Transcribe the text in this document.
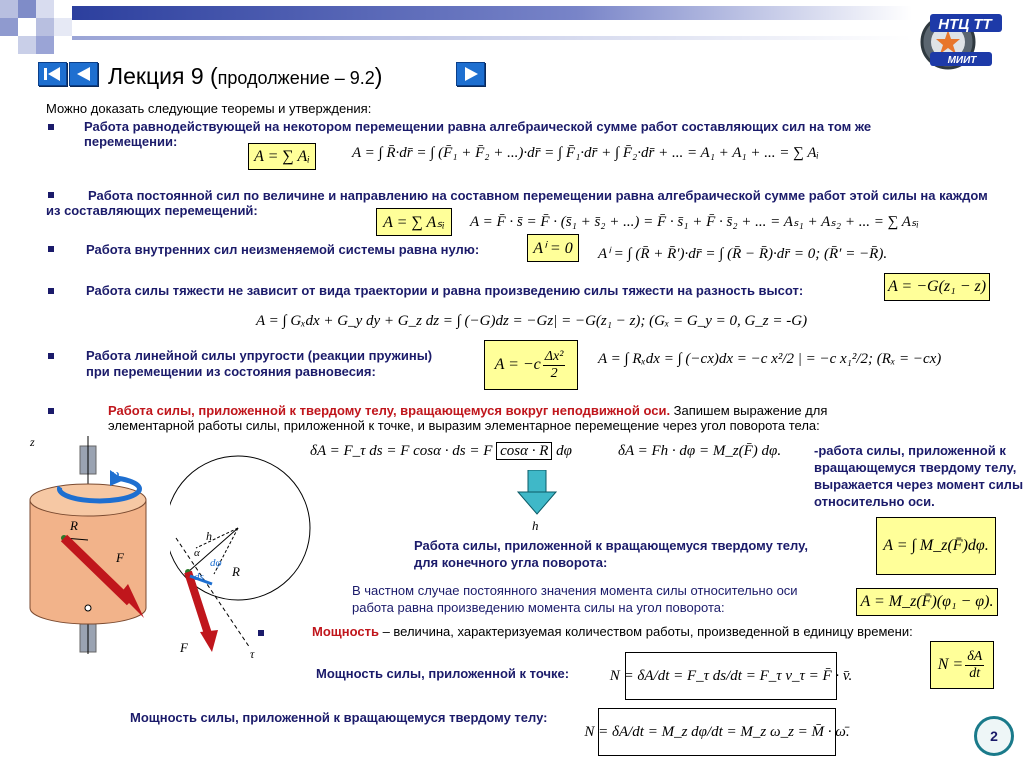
НТЦ ТТ
МИИТ
Лекция 9 (продолжение – 9.2)
Можно доказать следующие теоремы и утверждения:
Работа равнодействующей на некотором перемещении равна алгебраической сумме работ составляющих сил на том же перемещении:
A = ∑ Aᵢ	A = ∫ R̄·dr̄ = ∫ (F̄₁ + F̄₂ + ...)·dr̄ = ∫ F̄₁·dr̄ + ∫ F̄₂·dr̄ + ... = A₁ + A₁ + ... = ∑ Aᵢ
Работа постоянной сил по величине и направлению на составном перемещении равна алгебраической сумме работ этой силы на каждом из составляющих перемещений:
A = ∑ Aₛᵢ	A = F̄ · s̄ = F̄ · (s̄₁ + s̄₂ + ...) = F̄ · s̄₁ + F̄ · s̄₂ + ... = Aₛ₁ + Aₛ₂ + ... = ∑ Aₛᵢ
Работа внутренних сил неизменяемой системы равна нулю:	Aⁱ = 0	Aⁱ = ∫ (R̄ + R̄′)·dr̄ = ∫ (R̄ − R̄)·dr̄ = 0; (R̄′ = −R̄).
Работа силы тяжести не зависит от вида траектории и равна произведению силы тяжести на разность высот:	A = −G(z₁ − z)
A = ∫ Gₓdx + G_y dy + G_z dz = ∫ (−G)dz = −Gz| = −G(z₁ − z); (Gₓ = G_y = 0, G_z = -G)
Работа линейной силы упругости (реакции пружины)
при перемещении из состояния равновесия:	$A = -c \frac{\text{Δx²}}{2}$ A = ∫ Rₓdx = ∫ (−cx)dx = −c x²/2 | = −c x₁²/2; (Rₓ = −cx)
Работа силы, приложенной к твердому телу, вращающемуся вокруг неподвижной оси. Запишем выражение для
элементарной работы силы, приложенной к точке, и выразим элементарное перемещение через угол поворота тела:
δA = F_τ ds = F cosα · ds = F cosα · R dφ	δA = Fh · dφ = M_z(F̄) dφ.
h
-работа силы, приложенной к вращающемуся твердому телу, выражается через момент силы относительно оси.
Работа силы, приложенной к вращающемуся твердому телу,
для конечного угла поворота:
A = ∫ M_z(F̄)dφ.
В частном случае постоянного значения момента силы относительно оси
работа равна произведению момента силы на угол поворота:	A = M_z(F̄)(φ₁ − φ).
Мощность – величина, характеризуемая количеством работы, произведенной в единицу времени:
$N = \frac{\delta A}{dt}$
Мощность силы, приложенной к точке:	N = δA/dt = F_τ ds/dt = F_τ v_τ = F̄ · v̄.
Мощность силы, приложенной к вращающемуся твердому телу:
N = δA/dt = M_z dφ/dt = M_z ω_z = M̄ · ω̄.
z
ω
R
F
h
α
dφ
ds R
F	τ
2
